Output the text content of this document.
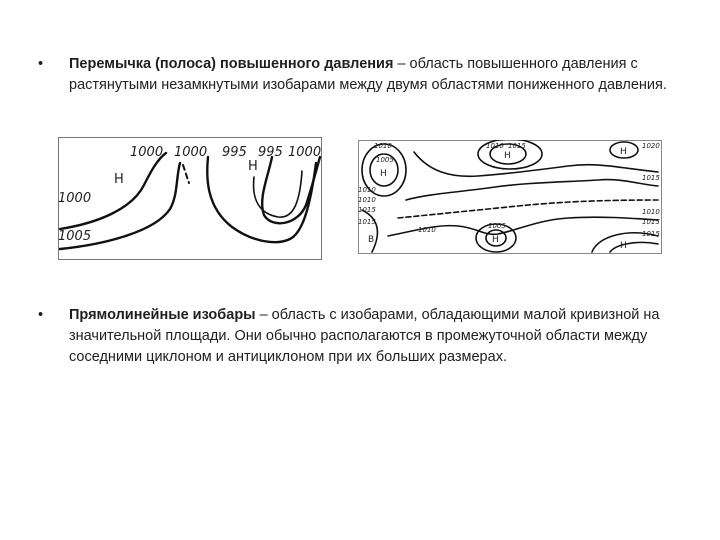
•	Перемычка (полоса) повышенного давления – область повышенного давления с растянутыми незамкнутыми изобарами между двумя областями пониженного давления.
1000 1000 995 995 1000
1000
1005
Н
Н
1010
1005
1010 1015	1020
1010
1010
1015
1015
1010
1015
1015	1005
1010	1015
Н
Н	Н
Н
Н
В
•	Прямолинейные изобары – область с изобарами, обладающими малой кривизной на значительной площади. Они обычно располагаются в промежуточной области между соседними циклоном и антициклоном при их больших размерах.
